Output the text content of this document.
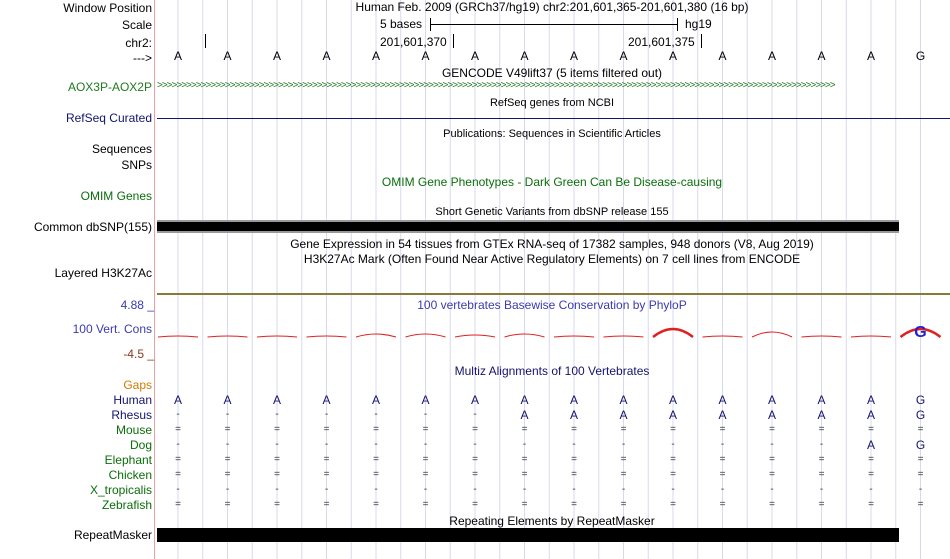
Window Position	Human Feb. 2009 (GRCh37/hg19) chr2:201,601,365-201,601,380 (16 bp)
Scale	5 bases	hg19
chr2:	201,601,370	201,601,375
---> A	A	A	A	A	A	A	A	A	A	A	A	A	A	A	G
GENCODE V49lift37 (5 items filtered out)
AOX3P-AOX2P >>>>>>>>>>>>>>>>>>>>>>>>>>>>>>>>>>>>>>>>>>>>>>>>>>>>>>>>>>>>>>>>>>>>>>>>>>>>>>>>>>>>>>>>>>>>>>>>>>>>>>>>>>>>>>>>>>>>>>>>>>>>>>>>>>>>>>>>>>>>
RefSeq genes from NCBI
RefSeq Curated
Publications: Sequences in Scientific Articles
Sequences
SNPs
OMIM Gene Phenotypes - Dark Green Can Be Disease-causing
OMIM Genes
Short Genetic Variants from dbSNP release 155
Common dbSNP(155)
Gene Expression in 54 tissues from GTEx RNA-seq of 17382 samples, 948 donors (V8, Aug 2019)
H3K27Ac Mark (Often Found Near Active Regulatory Elements) on 7 cell lines from ENCODE
Layered H3K27Ac
100 vertebrates Basewise Conservation by PhyloP
4.88 _
100 Vert. Cons
-4.5 _
G
Multiz Alignments of 100 Vertebrates
Gaps
Human A	A	A	A	A	A	A	A	A	A	A	A	A	A	A	G
Rhesus -	-	-	-	-	-	-	A	A	A	A	A	A	A	A	G
Mouse =	=	=	=	=	=	=	=	=	=	=	=	=	=	=	=
Dog -	-	-	-	-	-	-	-	-	-	-	-	-	-	A	G
Elephant =	=	=	=	=	=	=	=	=	=	=	=	=	=	=	=
Chicken =	=	=	=	=	=	=	=	=	=	=	=	=	=	=	=
X_tropicalis -	-	-	-	-	-	-	-	-	-	-	-	-	-	-	-
Zebrafish =	=	=	=	=	=	=	=	=	=	=	=	=	=	=	=
Repeating Elements by RepeatMasker
RepeatMasker
